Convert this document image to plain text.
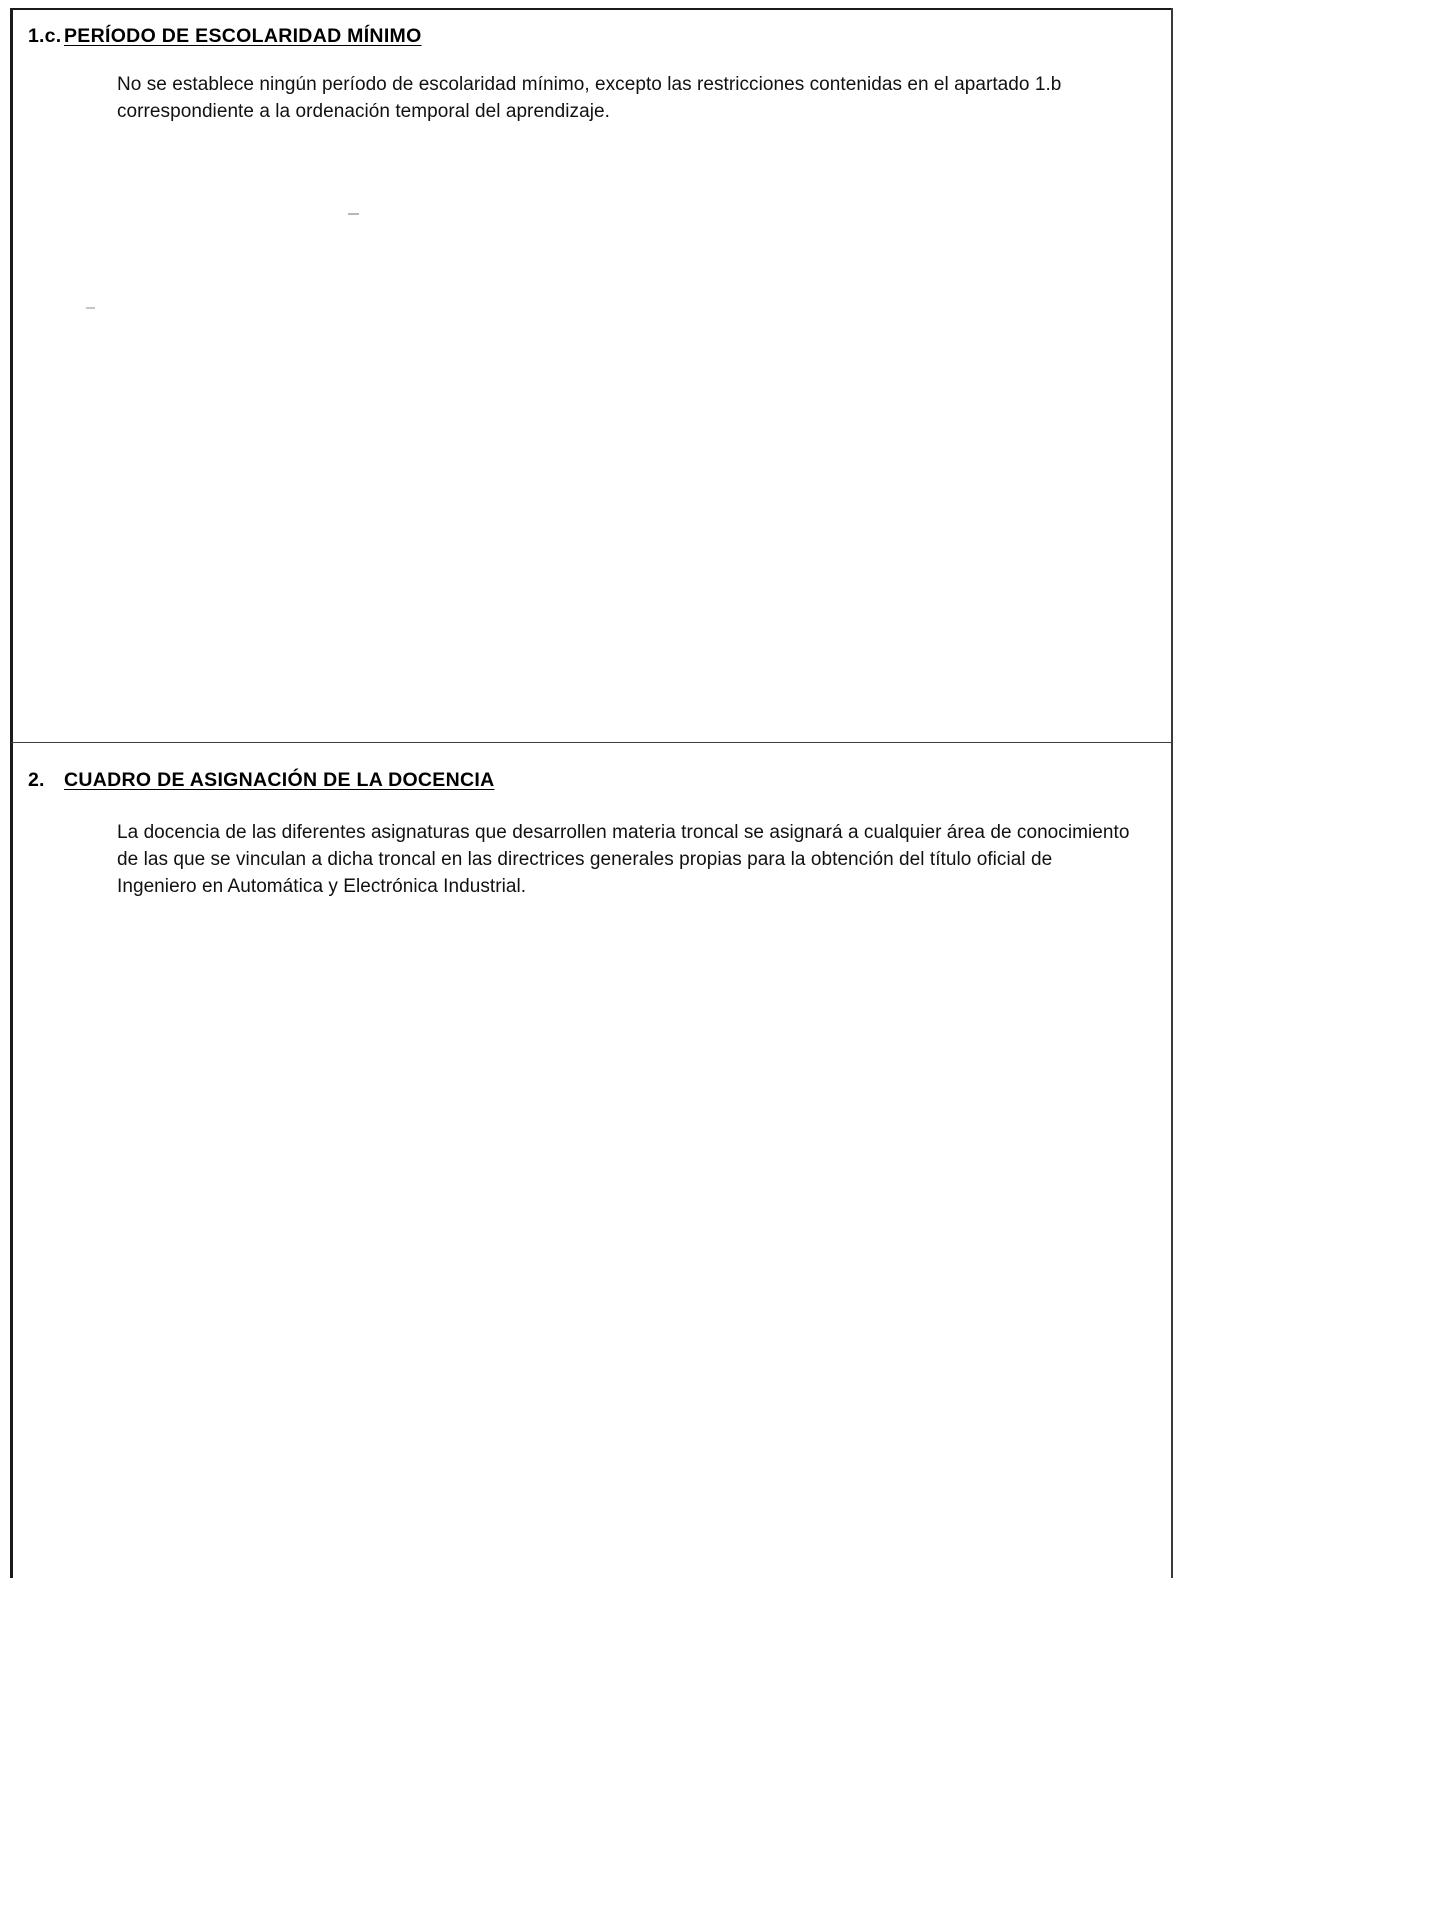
1.c. PERÍODO DE ESCOLARIDAD MÍNIMO
No se establece ningún período de escolaridad mínimo, excepto las restricciones contenidas en el apartado 1.b correspondiente a la ordenación temporal del aprendizaje.
2. CUADRO DE ASIGNACIÓN DE LA DOCENCIA
La docencia de las diferentes asignaturas que desarrollen materia troncal se asignará a cualquier área de conocimiento de las que se vinculan a dicha troncal en las directrices generales propias para la obtención del título oficial de Ingeniero en Automática y Electrónica Industrial.
